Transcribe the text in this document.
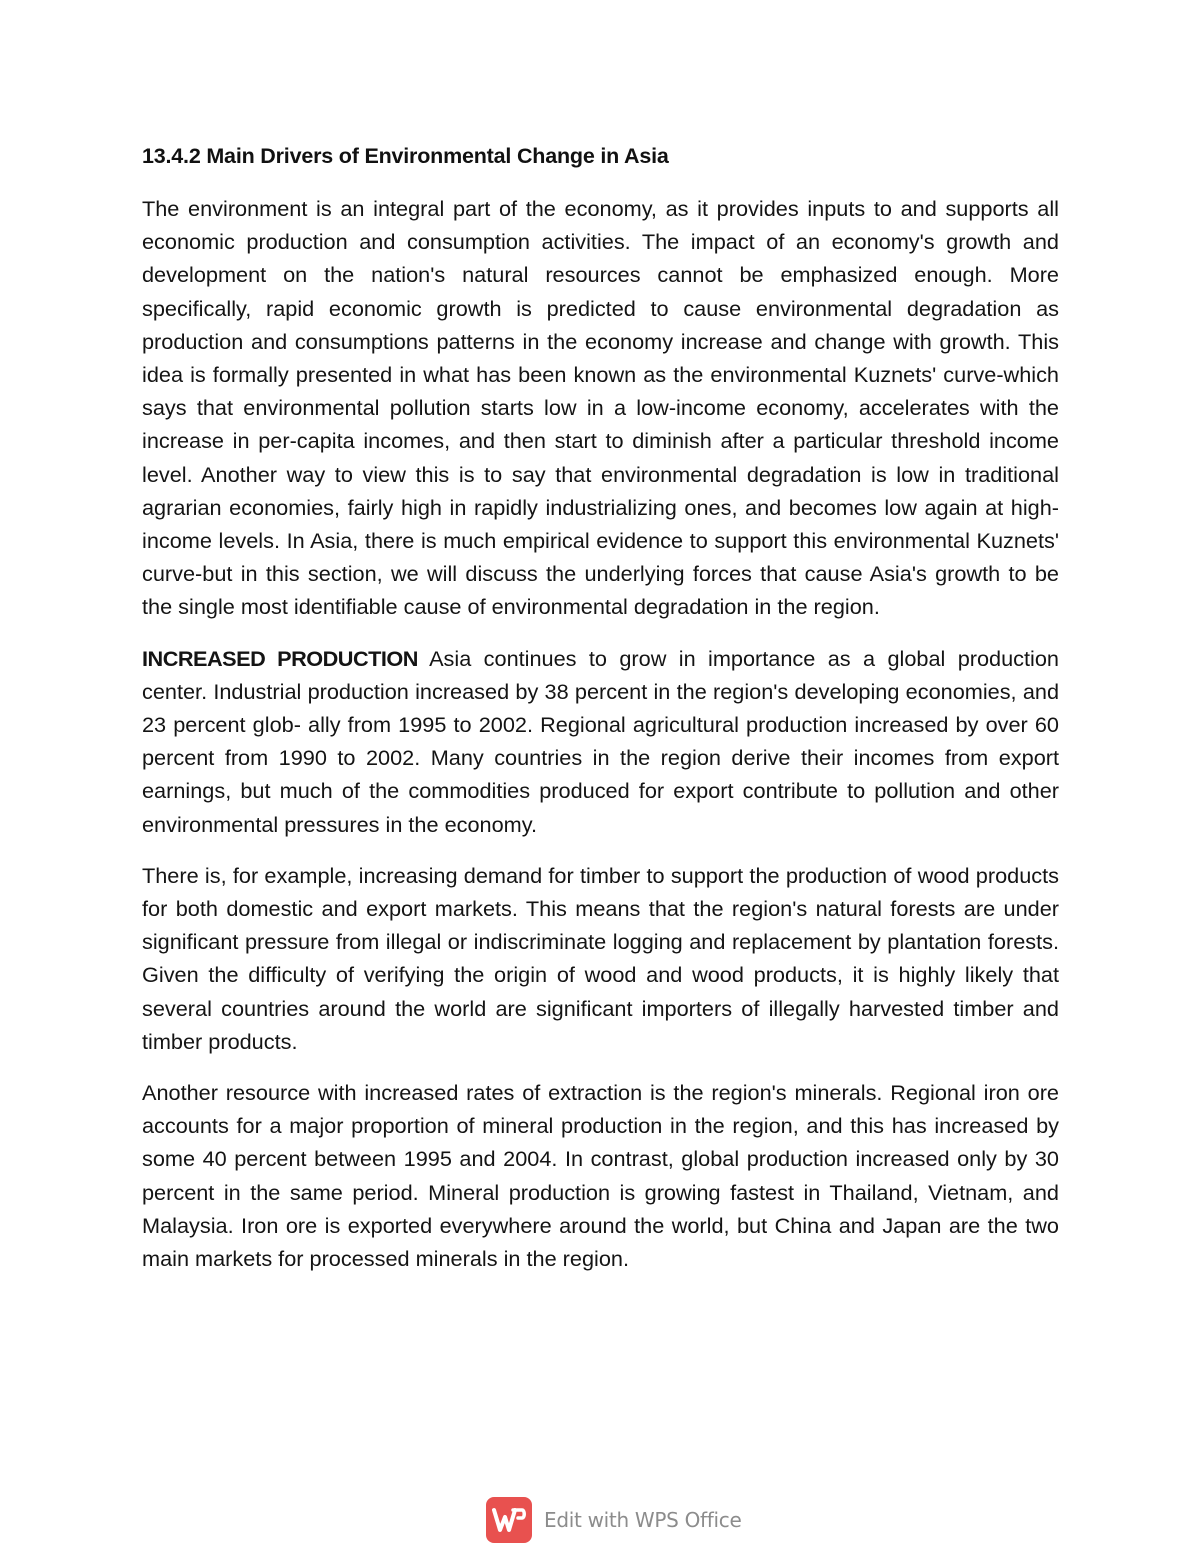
13.4.2 Main Drivers of Environmental Change in Asia

The environment is an integral part of the economy, as it provides inputs to and supports all economic production and consumption activities. The impact of an economy's growth and development on the nation's natural resources cannot be emphasized enough. More specifically, rapid economic growth is predicted to cause environmental degradation as production and consumptions patterns in the economy increase and change with growth. This idea is formally presented in what has been known as the environmental Kuznets' curve-which says that environmental pollution starts low in a low-income economy, accelerates with the increase in per-capita incomes, and then start to diminish after a particular threshold income level. Another way to view this is to say that environmental degradation is low in traditional agrarian economies, fairly high in rapidly industrializing ones, and becomes low again at high-income levels. In Asia, there is much empirical evidence to support this environmental Kuznets' curve-but in this section, we will discuss the underlying forces that cause Asia's growth to be the single most identifiable cause of environmental degradation in the region.

INCREASED PRODUCTION Asia continues to grow in importance as a global production center. Industrial production increased by 38 percent in the region's developing economies, and 23 percent glob- ally from 1995 to 2002. Regional agricultural production increased by over 60 percent from 1990 to 2002. Many countries in the region derive their incomes from export earnings, but much of the commodities produced for export contribute to pollution and other environmental pressures in the economy.

There is, for example, increasing demand for timber to support the production of wood products for both domestic and export markets. This means that the region's natural forests are under significant pressure from illegal or indiscriminate logging and replacement by plantation forests. Given the difficulty of verifying the origin of wood and wood products, it is highly likely that several countries around the world are significant importers of illegally harvested timber and timber products.

Another resource with increased rates of extraction is the region's minerals. Regional iron ore accounts for a major proportion of mineral production in the region, and this has increased by some 40 percent between 1995 and 2004. In contrast, global production increased only by 30 percent in the same period. Mineral production is growing fastest in Thailand, Vietnam, and Malaysia. Iron ore is exported everywhere around the world, but China and Japan are the two main markets for processed minerals in the region.

Edit with WPS Office
